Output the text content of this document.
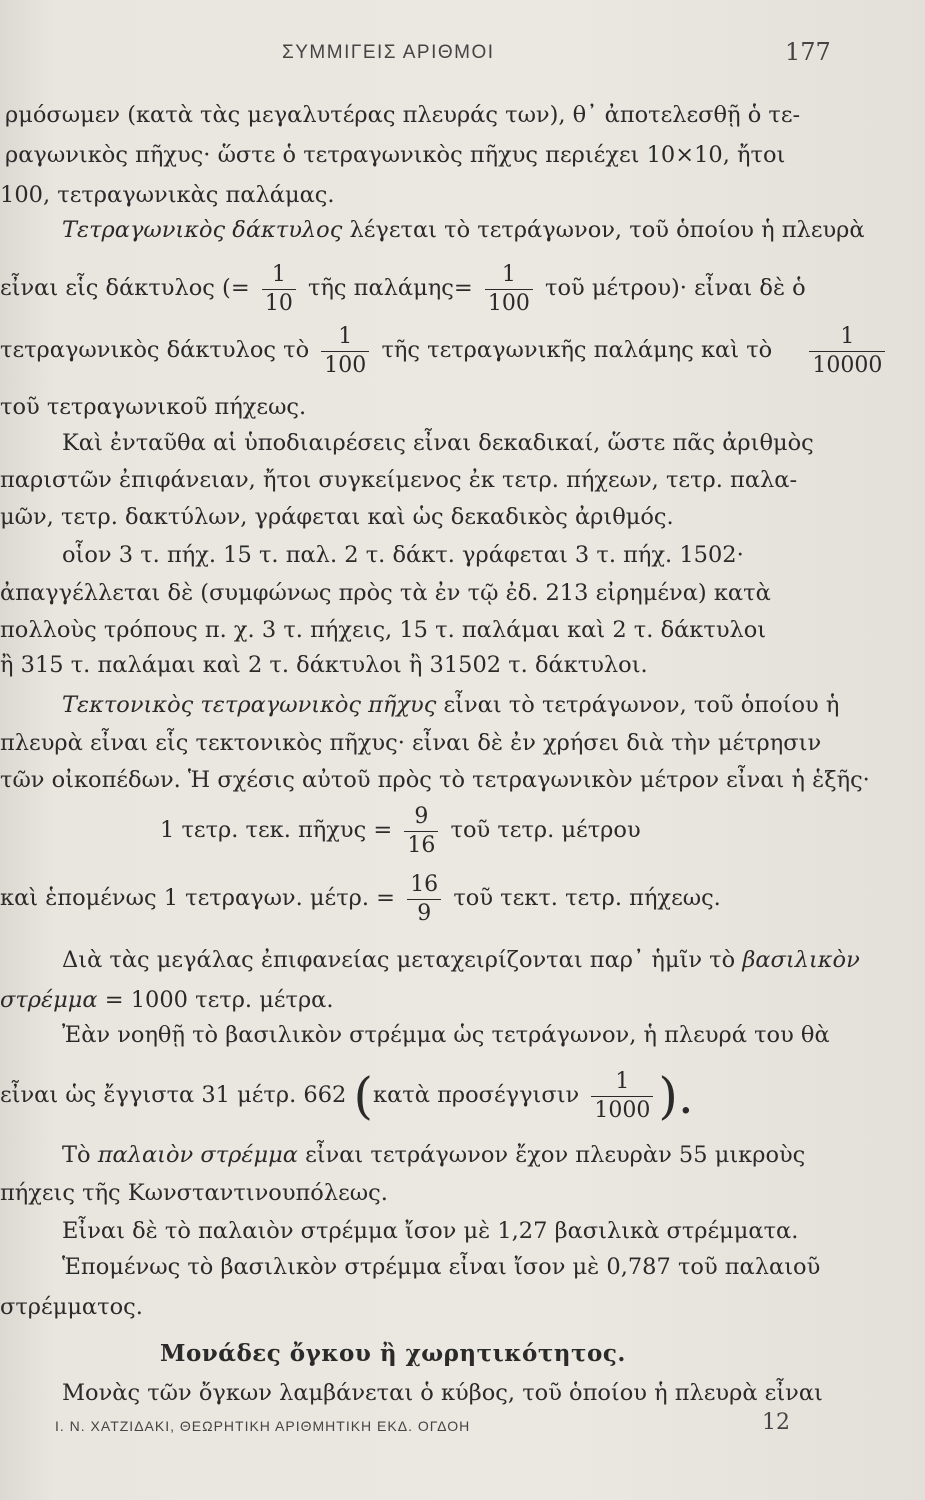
ΣΥΜΜΙΓΕΙΣ ΑΡΙΘΜΟΙ	177
ρμόσωμεν (κατὰ τὰς μεγαλυτέρας πλευράς των), θ᾽ ἀποτελεσθῇ ὁ τε-
ραγωνικὸς πῆχυς· ὥστε ὁ τετραγωνικὸς πῆχυς περιέχει 10×10, ἤτοι
100, τετραγωνικὰς παλάμας.
Τετραγωνικὸς δάκτυλος λέγεται τὸ τετράγωνον, τοῦ ὁποίου ἡ πλευρὰ
εἶναι εἷς δάκτυλος (= $\frac{1}{10}$ τῆς $\pi\alpha\lambda ά\mu\eta\varsigma= \frac{1}{100}$ τοῦ μέτρου)· εἶναι δὲ ὁ
τετραγωνικὸς δάκτυλος τὸ $\frac{1}{100}$ τῆς τετραγωνικῆς παλάμης καὶ τὸ $\frac{1}{10000}$
τοῦ τετραγωνικοῦ πήχεως.
Καὶ ἐνταῦθα αἱ ὑποδιαιρέσεις εἶναι δεκαδικαί, ὥστε πᾶς ἀριθμὸς
παριστῶν ἐπιφάνειαν, ἤτοι συγκείμενος ἐκ τετρ. πήχεων, τετρ. παλα-
μῶν, τετρ. δακτύλων, γράφεται καὶ ὡς δεκαδικὸς ἀριθμός.
οἷον 3 τ. πήχ. 15 τ. παλ. 2 τ. δάκτ. γράφεται 3 τ. πήχ. 1502·
ἀπαγγέλλεται δὲ (συμφώνως πρὸς τὰ ἐν τῷ ἐδ. 213 εἰρημένα) κατὰ
πολλοὺς τρόπους π. χ. 3 τ. πήχεις, 15 τ. παλάμαι καὶ 2 τ. δάκτυλοι
ἢ 315 τ. παλάμαι καὶ 2 τ. δάκτυλοι ἢ 31502 τ. δάκτυλοι.
Τεκτονικὸς τετραγωνικὸς πῆχυς εἶναι τὸ τετράγωνον, τοῦ ὁποίου ἡ
πλευρὰ εἶναι εἷς τεκτονικὸς πῆχυς· εἶναι δὲ ἐν χρήσει διὰ τὴν μέτρησιν
τῶν οἰκοπέδων. Ἡ σχέσις αὐτοῦ πρὸς τὸ τετραγωνικὸν μέτρον εἶναι ἡ ἑξῆς·
1 τετρ. τεκ. πῆχυς = $\frac{9}{16}$ τοῦ τετρ. μέτρου
καὶ ἑπομένως 1 τετραγων. μέτρ. = $\frac{16}{9}$ τοῦ τεκτ. τετρ. πήχεως.
Διὰ τὰς μεγάλας ἐπιφανείας μεταχειρίζονται παρ᾽ ἡμῖν τὸ βασιλικὸν
στρέμμα = 1000 τετρ. μέτρα.
Ἐὰν νοηθῇ τὸ βασιλικὸν στρέμμα ὡς τετράγωνον, ἡ πλευρά του θὰ
εἶναι ὡς ἔγγιστα 31 μέτρ. 662 (κατὰ προσέγγισιν $\frac{1}{1000}$ ).
Τὸ παλαιὸν στρέμμα εἶναι τετράγωνον ἔχον πλευρὰν 55 μικροὺς
πήχεις τῆς Κωνσταντινουπόλεως.
Εἶναι δὲ τὸ παλαιὸν στρέμμα ἴσον μὲ 1,27 βασιλικὰ στρέμματα.
Ἑπομένως τὸ βασιλικὸν στρέμμα εἶναι ἴσον μὲ 0,787 τοῦ παλαιοῦ
στρέμματος.
Μονάδες ὄγκου ἢ χωρητικότητος.
Μονὰς τῶν ὄγκων λαμβάνεται ὁ κύβος, τοῦ ὁποίου ἡ πλευρὰ εἶναι
Ι. Ν. ΧΑΤΖΙΔΑΚΙ, ΘΕΩΡΗΤΙΚΗ ΑΡΙΘΜΗΤΙΚΗ ΕΚΔ. ΟΓΔΟΗ	12
